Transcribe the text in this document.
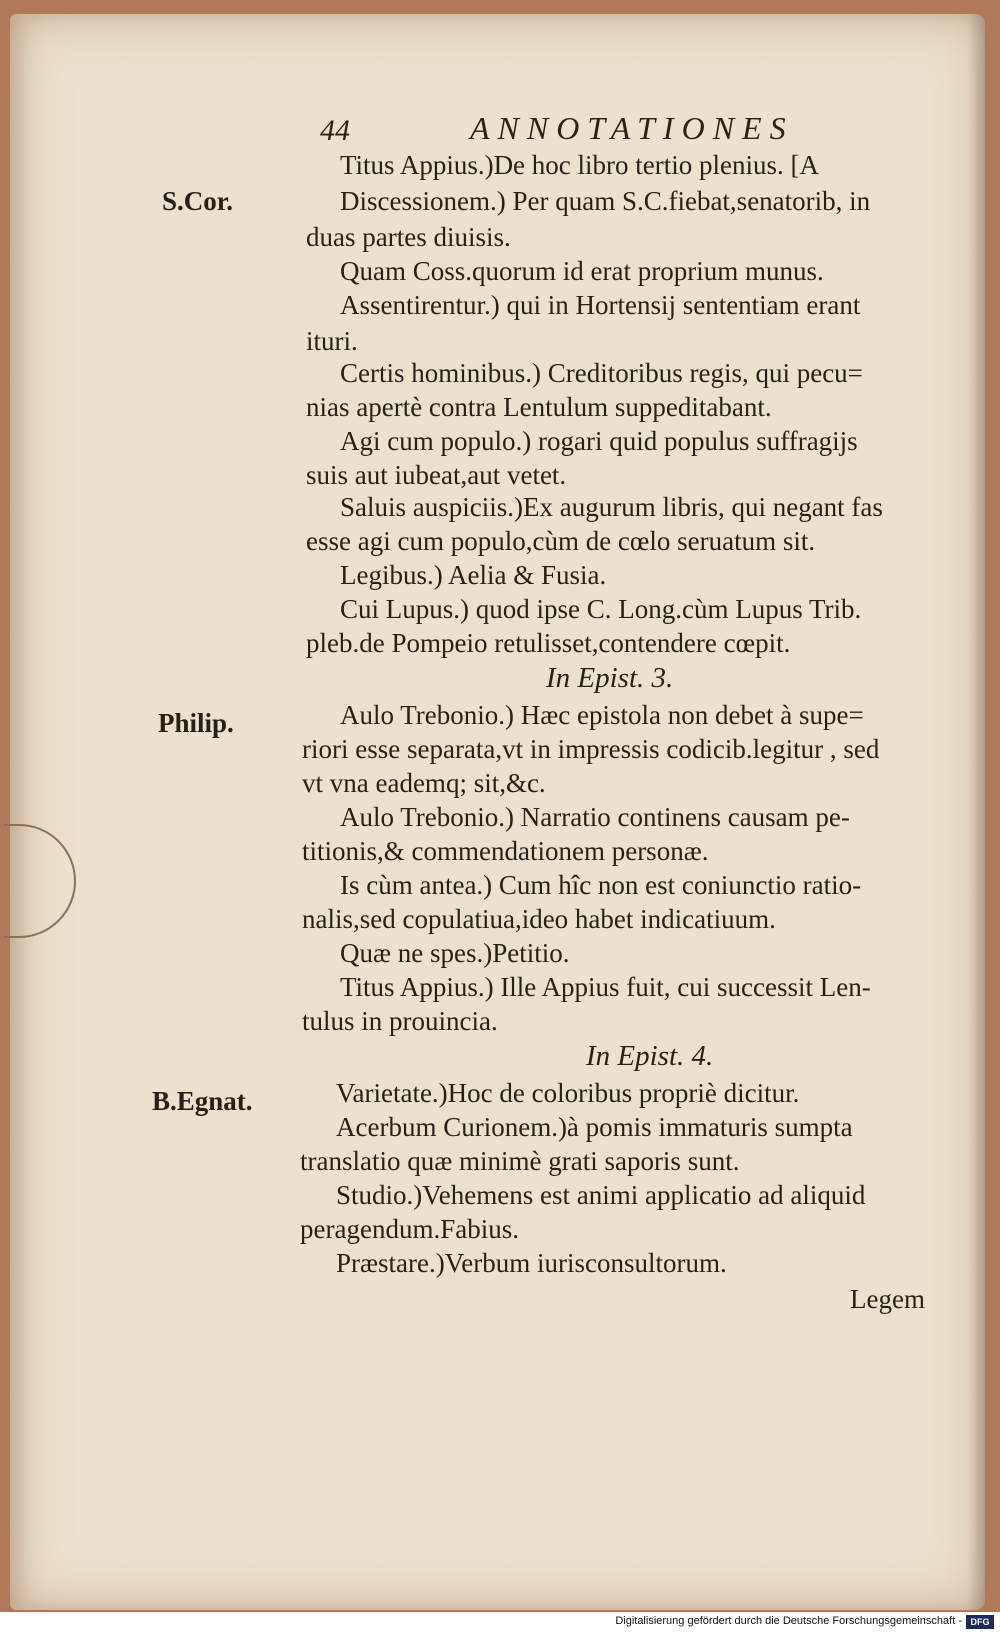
44	ANNOTATIONES
S.Cor.
Philip.
B.Egnat.
Titus Appius.)De hoc libro tertio plenius. [A
Discessionem.) Per quam S.C.fiebat,senatorib, in
duas partes diuisis.
Quam Coss.quorum id erat proprium munus.
Assentirentur.) qui in Hortensij sententiam erant
ituri.
Certis hominibus.) Creditoribus regis, qui pecu=
nias apertè contra Lentulum suppeditabant.
Agi cum populo.) rogari quid populus suffragijs
suis aut iubeat,aut vetet.
Saluis auspiciis.)Ex augurum libris, qui negant fas
esse agi cum populo,cùm de cœlo seruatum sit.
Legibus.) Aelia & Fusia.
Cui Lupus.) quod ipse C. Long.cùm Lupus Trib.
pleb.de Pompeio retulisset,contendere cœpit.
In Epist. 3.
Aulo Trebonio.) Hæc epistola non debet à supe=
riori esse separata,vt in impressis codicib.legitur , sed
vt vna eademq; sit,&c.
Aulo Trebonio.) Narratio continens causam pe-
titionis,& commendationem personæ.
Is cùm antea.) Cum hîc non est coniunctio ratio-
nalis,sed copulatiua,ideo habet indicatiuum.
Quæ ne spes.)Petitio.
Titus Appius.) Ille Appius fuit, cui successit Len-
tulus in prouincia.
In Epist. 4.
Varietate.)Hoc de coloribus propriè dicitur.
Acerbum Curionem.)à pomis immaturis sumpta
translatio quæ minimè grati saporis sunt.
Studio.)Vehemens est animi applicatio ad aliquid
peragendum.Fabius.
Præstare.)Verbum iurisconsultorum.
Legem
Digitalisierung gefördert durch die Deutsche Forschungsgemeinschaft - DFG
